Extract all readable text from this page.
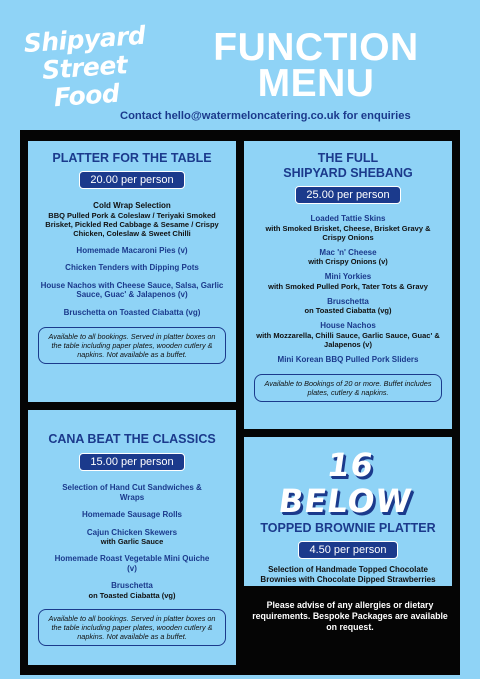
Shipyard
Street
Food
FUNCTION
MENU
Contact hello@watermeloncatering.co.uk for enquiries
PLATTER FOR THE TABLE
20.00 per person
Cold Wrap Selection
BBQ Pulled Pork & Coleslaw / Teriyaki Smoked Brisket, Pickled Red Cabbage & Sesame / Crispy Chicken, Coleslaw & Sweet Chilli
Homemade Macaroni Pies (v)
Chicken Tenders with Dipping Pots
House Nachos with Cheese Sauce, Salsa, Garlic Sauce, Guac' & Jalapenos (v)
Bruschetta on Toasted Ciabatta (vg)
Available to all bookings. Served in platter boxes on the table including paper plates, wooden cutlery & napkins. Not available as a buffet.
THE FULL
SHIPYARD SHEBANG
25.00 per person
Loaded Tattie Skins
with Smoked Brisket, Cheese, Brisket Gravy & Crispy Onions
Mac 'n' Cheese
with Crispy Onions (v)
Mini Yorkies
with Smoked Pulled Pork, Tater Tots & Gravy
Bruschetta
on Toasted Ciabatta (vg)
House Nachos
with Mozzarella, Chilli Sauce, Garlic Sauce, Guac' & Jalapenos (v)
Mini Korean BBQ Pulled Pork Sliders
Available to Bookings of 20 or more. Buffet includes plates, cutlery & napkins.
CANA BEAT THE CLASSICS
15.00 per person
Selection of Hand Cut Sandwiches & Wraps
Homemade Sausage Rolls
Cajun Chicken Skewers
with Garlic Sauce
Homemade Roast Vegetable Mini Quiche (v)
Bruschetta
on Toasted Ciabatta (vg)
Available to all bookings. Served in platter boxes on the table including paper plates, wooden cutlery & napkins. Not available as a buffet.
16 BELOW
TOPPED BROWNIE PLATTER
4.50 per person
Selection of Handmade Topped Chocolate Brownies with Chocolate Dipped Strawberries
Please advise of any allergies or dietary requirements. Bespoke Packages are available on request.
